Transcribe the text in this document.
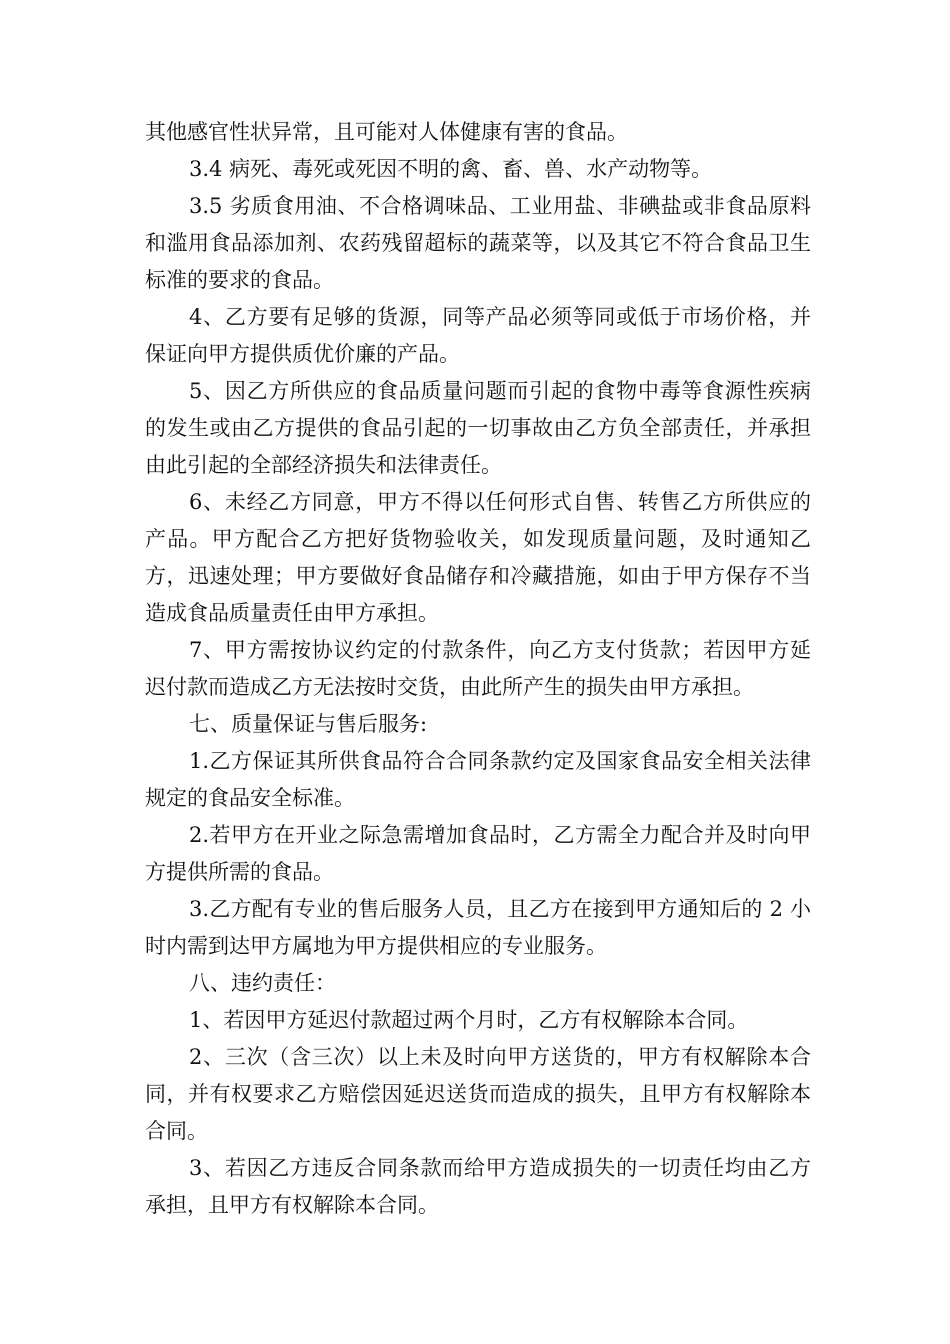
其他感官性状异常，且可能对人体健康有害的食品。

3.4 病死、毒死或死因不明的禽、畜、兽、水产动物等。

3.5 劣质食用油、不合格调味品、工业用盐、非碘盐或非食品原料和滥用食品添加剂、农药残留超标的蔬菜等，以及其它不符合食品卫生标准的要求的食品。

4、乙方要有足够的货源，同等产品必须等同或低于市场价格，并保证向甲方提供质优价廉的产品。

5、因乙方所供应的食品质量问题而引起的食物中毒等食源性疾病的发生或由乙方提供的食品引起的一切事故由乙方负全部责任，并承担由此引起的全部经济损失和法律责任。

6、未经乙方同意，甲方不得以任何形式自售、转售乙方所供应的产品。甲方配合乙方把好货物验收关，如发现质量问题，及时通知乙方，迅速处理；甲方要做好食品储存和冷藏措施，如由于甲方保存不当造成食品质量责任由甲方承担。

7、甲方需按协议约定的付款条件，向乙方支付货款；若因甲方延迟付款而造成乙方无法按时交货，由此所产生的损失由甲方承担。

七、质量保证与售后服务:

1.乙方保证其所供食品符合合同条款约定及国家食品安全相关法律规定的食品安全标准。

2.若甲方在开业之际急需增加食品时，乙方需全力配合并及时向甲方提供所需的食品。

3.乙方配有专业的售后服务人员，且乙方在接到甲方通知后的 2 小时内需到达甲方属地为甲方提供相应的专业服务。

八、违约责任：

1、若因甲方延迟付款超过两个月时，乙方有权解除本合同。

2、三次（含三次）以上未及时向甲方送货的，甲方有权解除本合同，并有权要求乙方赔偿因延迟送货而造成的损失，且甲方有权解除本合同。

3、若因乙方违反合同条款而给甲方造成损失的一切责任均由乙方承担，且甲方有权解除本合同。
